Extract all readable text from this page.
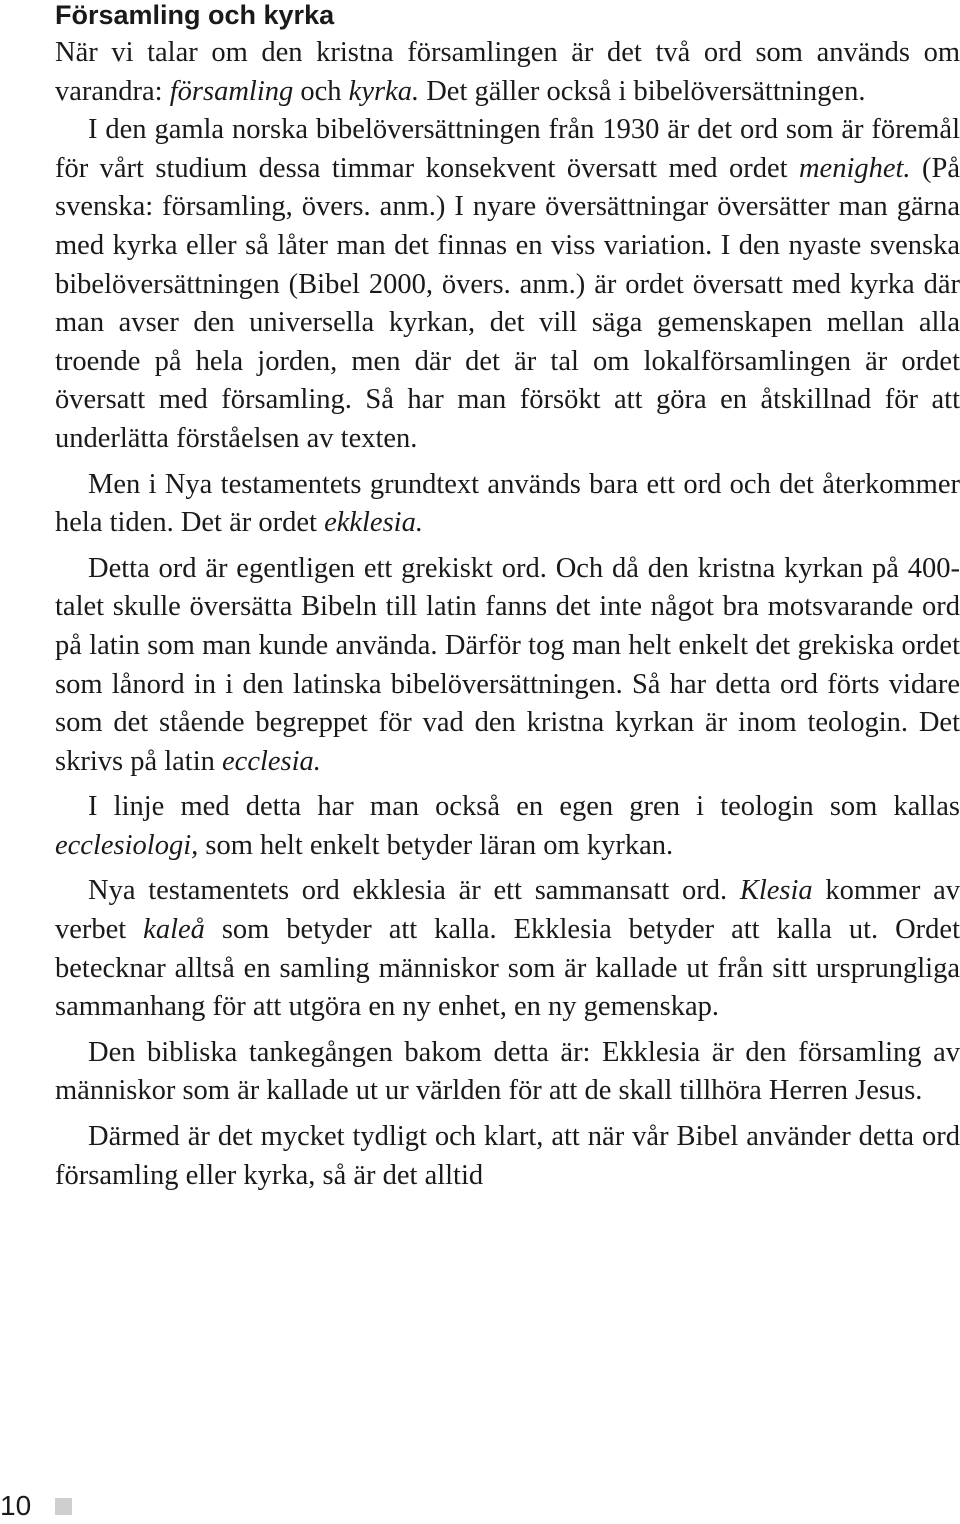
Församling och kyrka

När vi talar om den kristna församlingen är det två ord som används om varandra: församling och kyrka. Det gäller också i bibelöversättningen.

I den gamla norska bibelöversättningen från 1930 är det ord som är föremål för vårt studium dessa timmar konsekvent översatt med ordet menighet. (På svenska: församling, övers. anm.) I nyare översättningar översätter man gärna med kyrka eller så låter man det finnas en viss variation. I den nyaste svenska bibelöversättningen (Bibel 2000, övers. anm.) är ordet översatt med kyrka där man avser den universella kyrkan, det vill säga gemenskapen mellan alla troende på hela jorden, men där det är tal om lokalförsamlingen är ordet översatt med församling. Så har man försökt att göra en åtskillnad för att underlätta förståelsen av texten.

Men i Nya testamentets grundtext används bara ett ord och det återkommer hela tiden. Det är ordet ekklesia.

Detta ord är egentligen ett grekiskt ord. Och då den kristna kyrkan på 400-talet skulle översätta Bibeln till latin fanns det inte något bra motsvarande ord på latin som man kunde använda. Därför tog man helt enkelt det grekiska ordet som lånord in i den latinska bibelöversättningen. Så har detta ord förts vidare som det stående begreppet för vad den kristna kyrkan är inom teologin. Det skrivs på latin ecclesia.

I linje med detta har man också en egen gren i teologin som kallas ecclesiologi, som helt enkelt betyder läran om kyrkan.

Nya testamentets ord ekklesia är ett sammansatt ord. Klesia kommer av verbet kaleå som betyder att kalla. Ekklesia betyder att kalla ut. Ordet betecknar alltså en samling människor som är kallade ut från sitt ursprungliga sammanhang för att utgöra en ny enhet, en ny gemenskap.

Den bibliska tankegången bakom detta är: Ekklesia är den församling av människor som är kallade ut ur världen för att de skall tillhöra Herren Jesus.

Därmed är det mycket tydligt och klart, att när vår Bibel använder detta ord församling eller kyrka, så är det alltid

10
